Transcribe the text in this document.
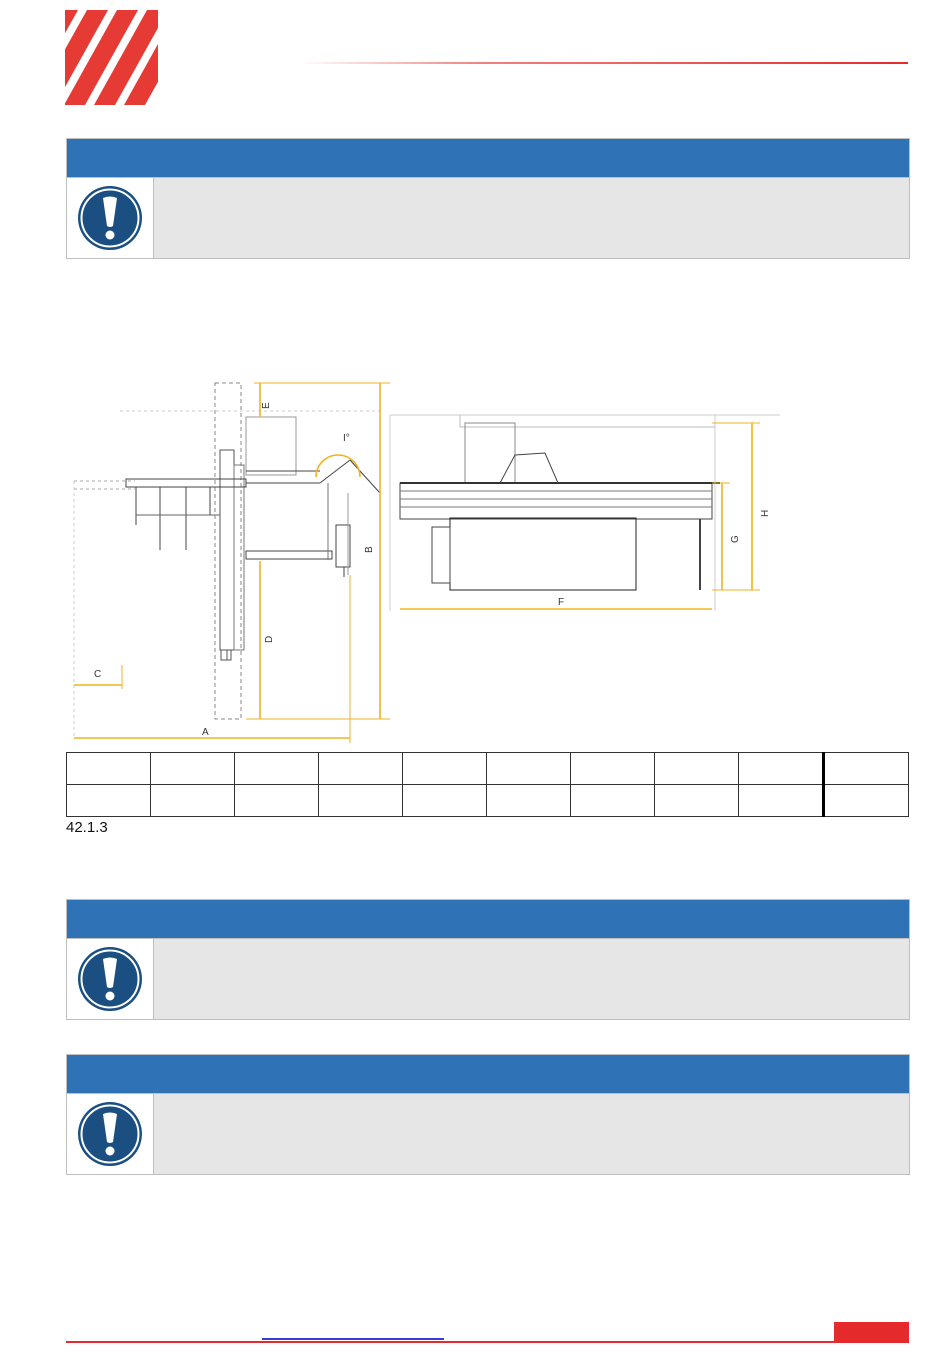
E
I°
B
D
C
A
F
G
H

42.1.3
